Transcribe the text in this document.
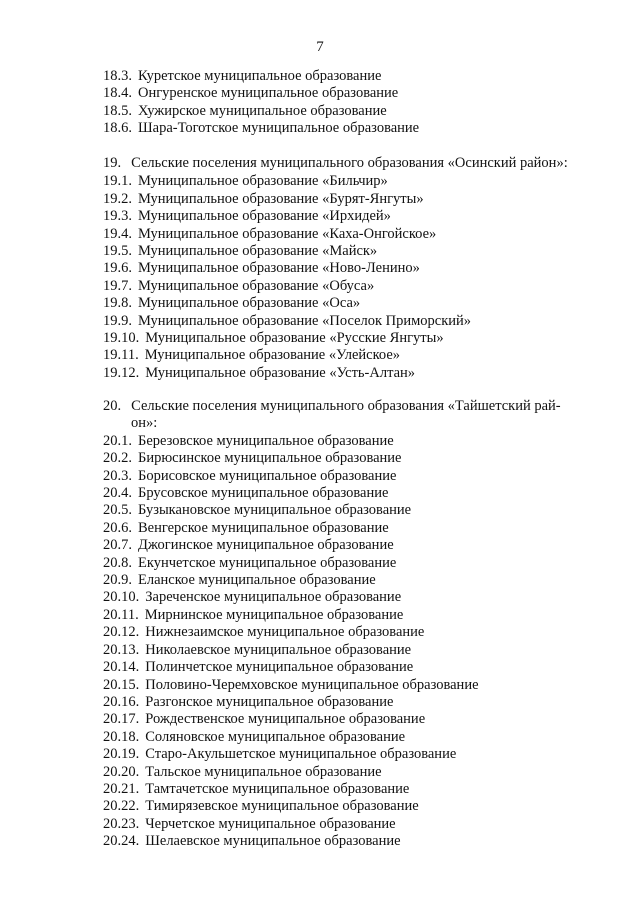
7
18.3. Куретское муниципальное образование
18.4. Онгуренское муниципальное образование
18.5. Хужирское муниципальное образование
18.6. Шара-Тоготское муниципальное образование
19. Сельские поселения муниципального образования «Осинский район»:
19.1. Муниципальное образование «Бильчир»
19.2. Муниципальное образование «Бурят-Янгуты»
19.3. Муниципальное образование «Ирхидей»
19.4. Муниципальное образование «Каха-Онгойское»
19.5. Муниципальное образование «Майск»
19.6. Муниципальное образование «Ново-Ленино»
19.7. Муниципальное образование «Обуса»
19.8. Муниципальное образование «Оса»
19.9. Муниципальное образование «Поселок Приморский»
19.10. Муниципальное образование «Русские Янгуты»
19.11. Муниципальное образование «Улейское»
19.12. Муниципальное образование «Усть-Алтан»
20. Сельские поселения муниципального образования «Тайшетский рай-
он»:
20.1. Березовское муниципальное образование
20.2. Бирюсинское муниципальное образование
20.3. Борисовское муниципальное образование
20.4. Брусовское муниципальное образование
20.5. Бузыкановское муниципальное образование
20.6. Венгерское муниципальное образование
20.7. Джогинское муниципальное образование
20.8. Екунчетское муниципальное образование
20.9. Еланское муниципальное образование
20.10. Зареченское муниципальное образование
20.11. Мирнинское муниципальное образование
20.12. Нижнезаимское муниципальное образование
20.13. Николаевское муниципальное образование
20.14. Полинчетское муниципальное образование
20.15. Половино-Черемховское муниципальное образование
20.16. Разгонское муниципальное образование
20.17. Рождественское муниципальное образование
20.18. Соляновское муниципальное образование
20.19. Старо-Акульшетское муниципальное образование
20.20. Тальское муниципальное образование
20.21. Тамтачетское муниципальное образование
20.22. Тимирязевское муниципальное образование
20.23. Черчетское муниципальное образование
20.24. Шелаевское муниципальное образование
